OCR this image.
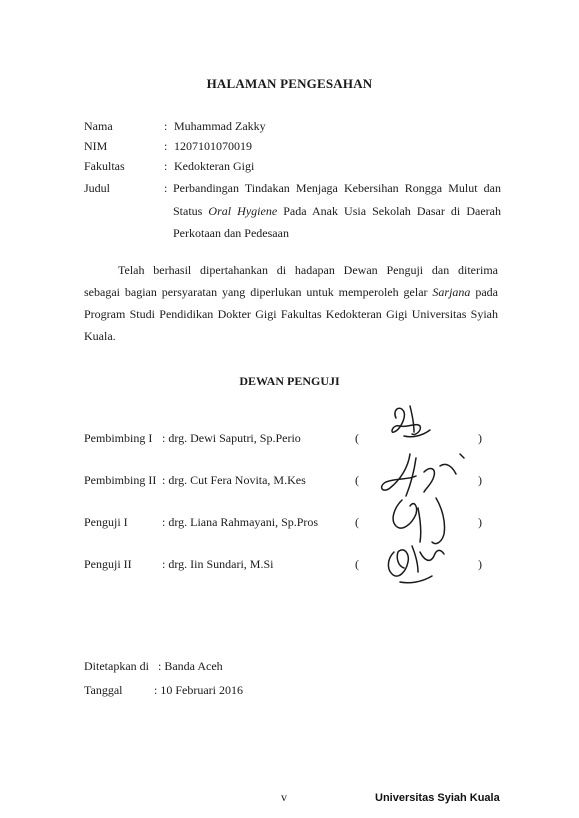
HALAMAN PENGESAHAN
Nama	: Muhammad Zakky
NIM	: 1207101070019
Fakultas	: Kedokteran Gigi
Judul	: Perbandingan Tindakan Menjaga Kebersihan Rongga Mulut dan
Status Oral Hygiene Pada Anak Usia Sekolah Dasar di Daerah
Perkotaan dan Pedesaan
Telah berhasil dipertahankan di hadapan Dewan Penguji dan diterima
sebagai bagian persyaratan yang diperlukan untuk memperoleh gelar Sarjana pada
Program Studi Pendidikan Dokter Gigi Fakultas Kedokteran Gigi Universitas Syiah
Kuala.
DEWAN PENGUJI
Pembimbing I : drg. Dewi Saputri, Sp.Perio	(	)
Pembimbing II : drg. Cut Fera Novita, M.Kes	(	)
Penguji I	: drg. Liana Rahmayani, Sp.Pros	(	)
Penguji II	: drg. Iin Sundari, M.Si	(	)
Ditetapkan di : Banda Aceh
Tanggal	: 10 Februari 2016
v	Universitas Syiah Kuala
